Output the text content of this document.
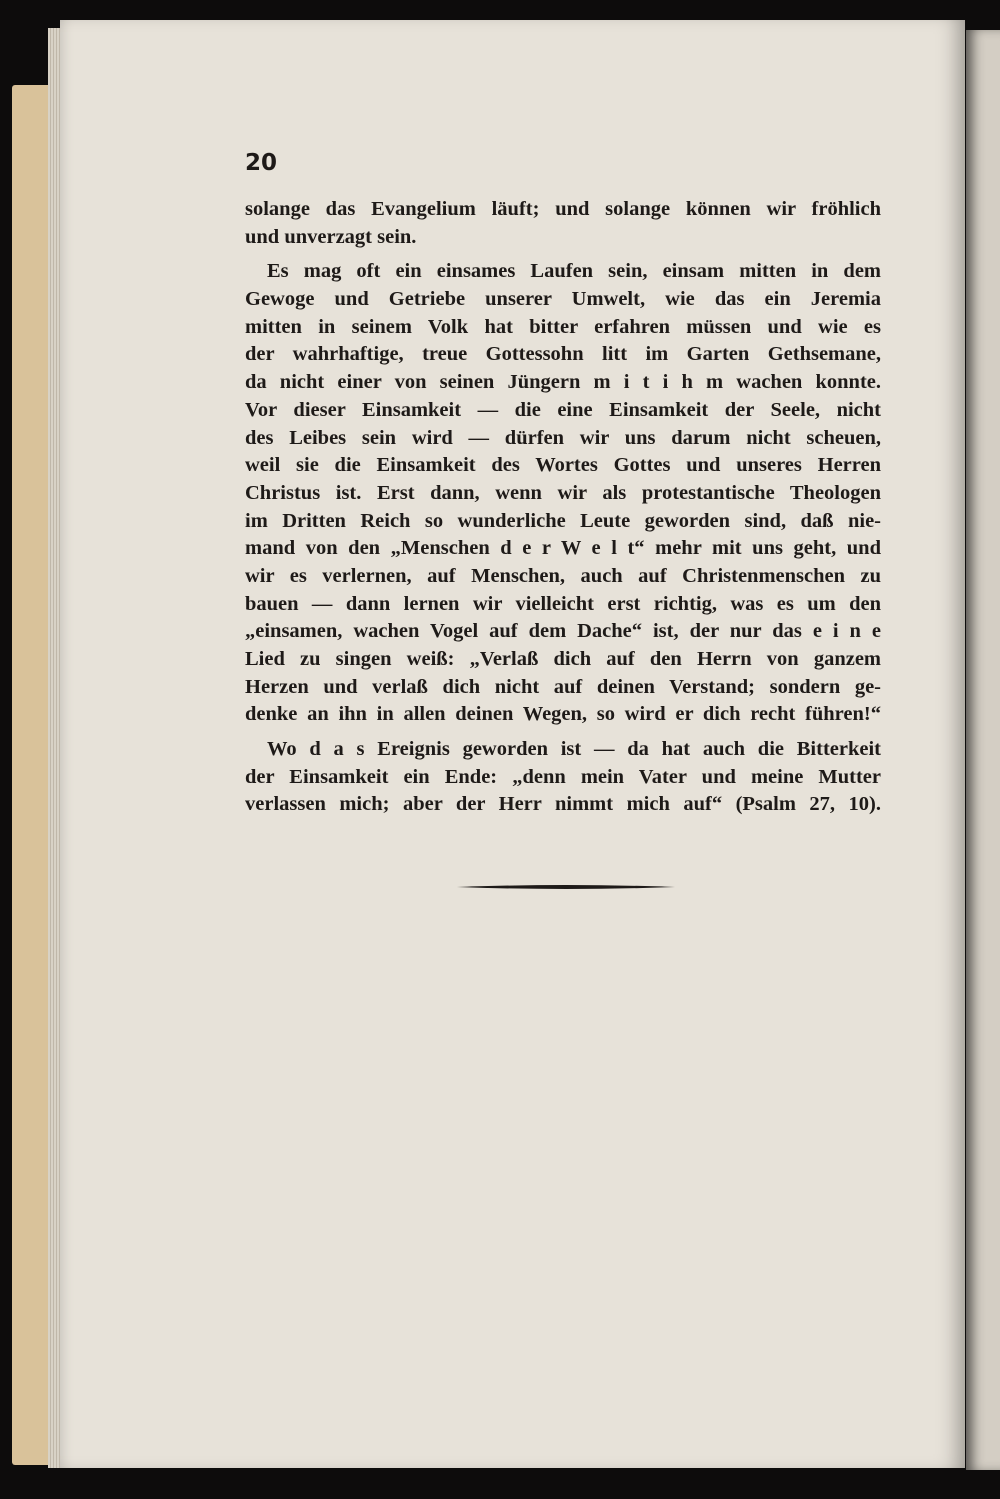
20
solange das Evangelium läuft; und solange können wir fröhlich
und unverzagt sein.
Es mag oft ein einsames Laufen sein, einsam mitten in dem
Gewoge und Getriebe unserer Umwelt, wie das ein Jeremia
mitten in seinem Volk hat bitter erfahren müssen und wie es
der wahrhaftige, treue Gottessohn litt im Garten Gethsemane,
da nicht einer von seinen Jüngern m i t i h m wachen konnte.
Vor dieser Einsamkeit — die eine Einsamkeit der Seele, nicht
des Leibes sein wird — dürfen wir uns darum nicht scheuen,
weil sie die Einsamkeit des Wortes Gottes und unseres Herren
Christus ist. Erst dann, wenn wir als protestantische Theologen
im Dritten Reich so wunderliche Leute geworden sind, daß nie-
mand von den „Menschen d e r W e l t“ mehr mit uns geht, und
wir es verlernen, auf Menschen, auch auf Christenmenschen zu
bauen — dann lernen wir vielleicht erst richtig, was es um den
„einsamen, wachen Vogel auf dem Dache“ ist, der nur das e i n e
Lied zu singen weiß: „Verlaß dich auf den Herrn von ganzem
Herzen und verlaß dich nicht auf deinen Verstand; sondern ge-
denke an ihn in allen deinen Wegen, so wird er dich recht führen!“
Wo d a s Ereignis geworden ist — da hat auch die Bitterkeit
der Einsamkeit ein Ende: „denn mein Vater und meine Mutter
verlassen mich; aber der Herr nimmt mich auf“ (Psalm 27, 10).
